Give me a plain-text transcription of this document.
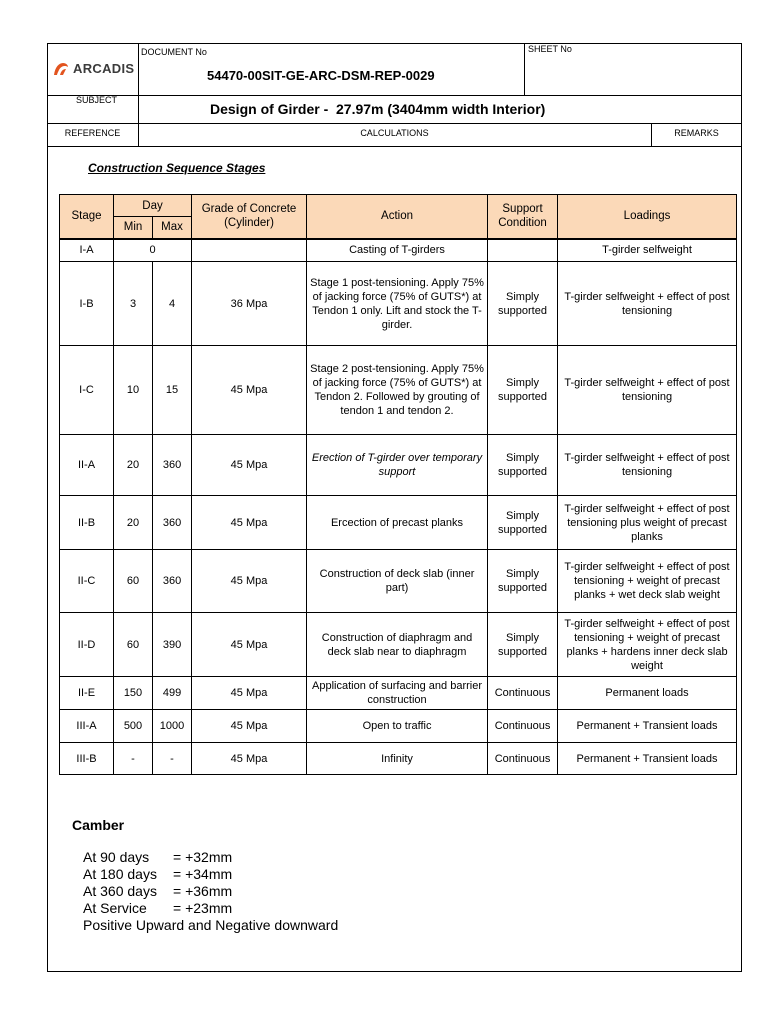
ARCADIS
DOCUMENT No
54470-00SIT-GE-ARC-DSM-REP-0029
SHEET No
SUBJECT
Design of Girder - 27.97m (3404mm width Interior)
REFERENCE	CALCULATIONS	REMARKS
Construction Sequence Stages
Stage	Day		Grade of Concrete (Cylinder)	Action	Support Condition	Loadings
	Min	Max				
I-A	0			Casting of T-girders		T-girder selfweight
I-B	3	4	36 Mpa	Stage 1 post-tensioning. Apply 75% of jacking force (75% of GUTS*) at Tendon 1 only. Lift and stock the T-girder.	Simply supported	T-girder selfweight + effect of post tensioning
I-C	10	15	45 Mpa	Stage 2 post-tensioning. Apply 75% of jacking force (75% of GUTS*) at Tendon 2. Followed by grouting of tendon 1 and tendon 2.	Simply supported	T-girder selfweight + effect of post tensioning
II-A	20	360	45 Mpa	Erection of T-girder over temporary support	Simply supported	T-girder selfweight + effect of post tensioning
II-B	20	360	45 Mpa	Ercection of precast planks	Simply supported	T-girder selfweight + effect of post tensioning plus weight of precast planks
II-C	60	360	45 Mpa	Construction of deck slab (inner part)	Simply supported	T-girder selfweight + effect of post tensioning + weight of precast planks + wet deck slab weight
II-D	60	390	45 Mpa	Construction of diaphragm and deck slab near to diaphragm	Simply supported	T-girder selfweight + effect of post tensioning + weight of precast planks + hardens inner deck slab weight
II-E	150	499	45 Mpa	Application of surfacing and barrier construction	Continuous	Permanent loads
III-A	500	1000	45 Mpa	Open to traffic	Continuous	Permanent + Transient loads
III-B	-	-	45 Mpa	Infinity	Continuous	Permanent + Transient loads
Camber
At 90 days = +32mm
At 180 days = +34mm
At 360 days = +36mm
At Service = +23mm
Positive Upward and Negative downward
